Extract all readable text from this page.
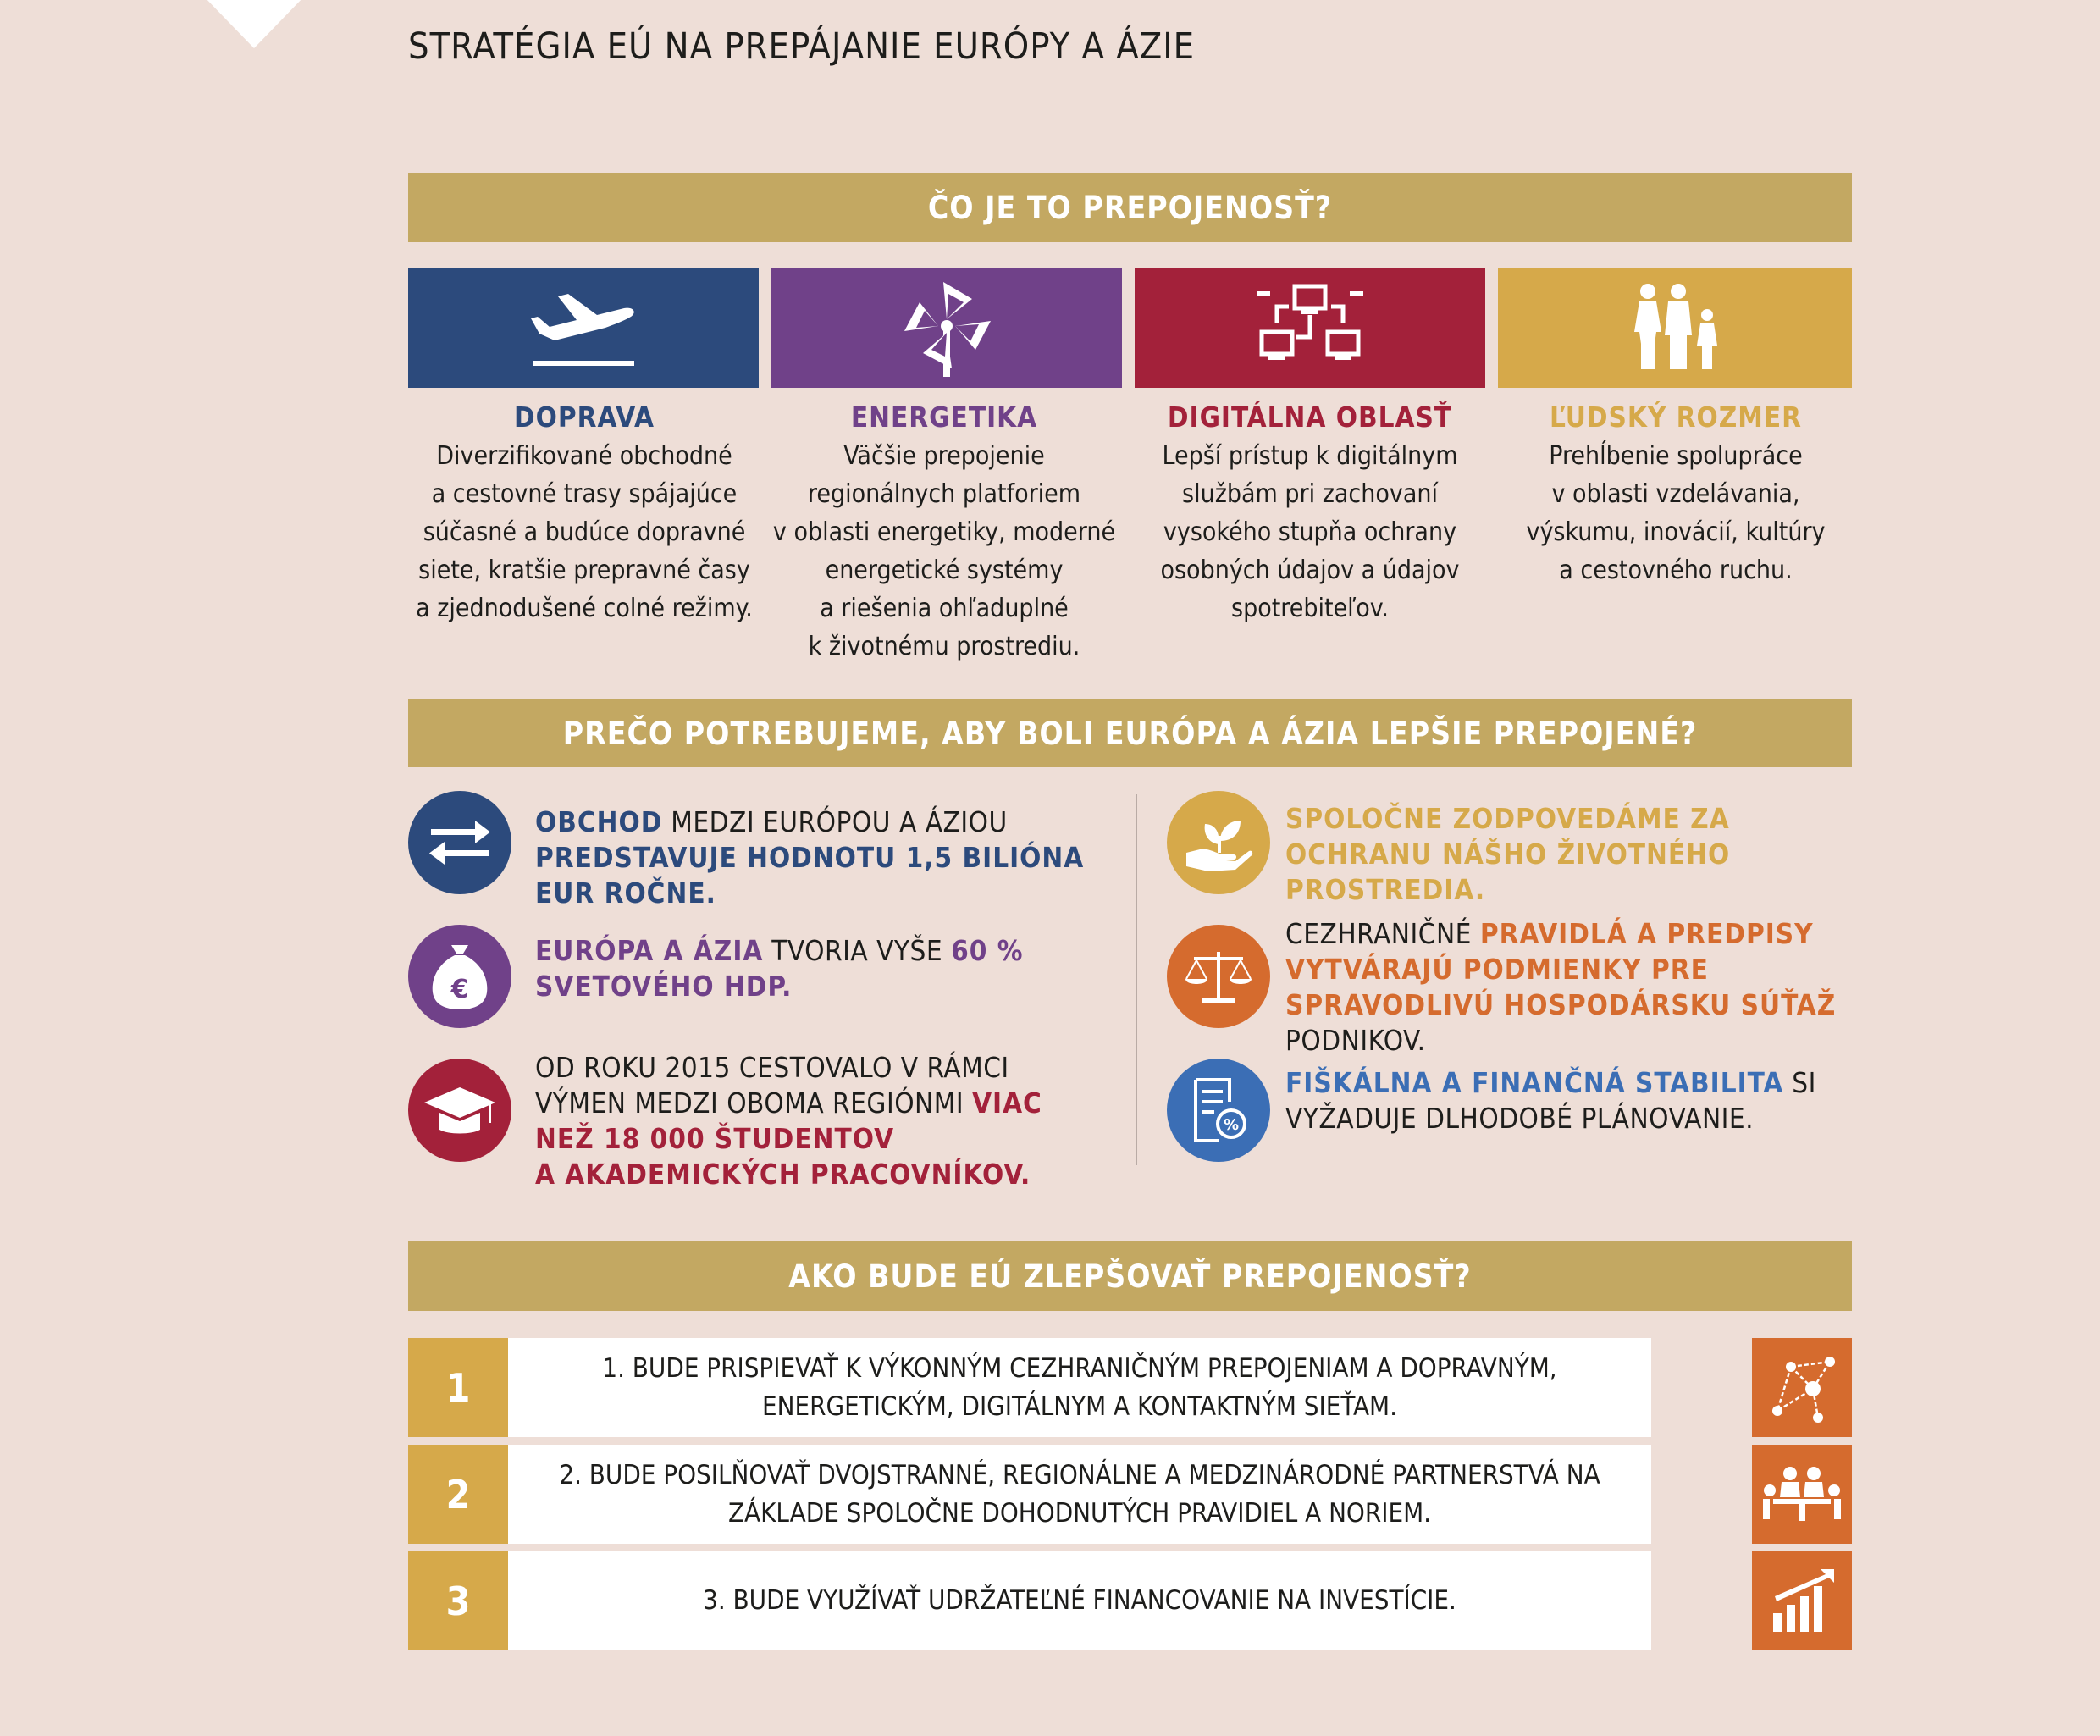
STRATÉGIA EÚ NA PREPÁJANIE EURÓPY A ÁZIE
ČO JE TO PREPOJENOSŤ?
DOPRAVA
Diverzifikované obchodné
a cestovné trasy spájajúce
súčasné a budúce dopravné
siete, kratšie prepravné časy
a zjednodušené colné režimy.
ENERGETIKA
Väčšie prepojenie
regionálnych platforiem
v oblasti energetiky, moderné
energetické systémy
a riešenia ohľaduplné
k životnému prostrediu.
DIGITÁLNA OBLASŤ
Lepší prístup k digitálnym
službám pri zachovaní
vysokého stupňa ochrany
osobných údajov a údajov
spotrebiteľov.
ĽUDSKÝ ROZMER
Prehĺbenie spolupráce
v oblasti vzdelávania,
výskumu, inovácií, kultúry
a cestovného ruchu.
PREČO POTREBUJEME, ABY BOLI EURÓPA A ÁZIA LEPŠIE PREPOJENÉ?
OBCHOD MEDZI EURÓPOU A ÁZIOU
PREDSTAVUJE HODNOTU 1,5 BILIÓNA
EUR ROČNE.
€
EURÓPA A ÁZIA TVORIA VYŠE 60 %
SVETOVÉHO HDP.
OD ROKU 2015 CESTOVALO V RÁMCI
VÝMEN MEDZI OBOMA REGIÓNMI VIAC
NEŽ 18 000 ŠTUDENTOV
A AKADEMICKÝCH PRACOVNÍKOV.
SPOLOČNE ZODPOVEDÁME ZA
OCHRANU NÁŠHO ŽIVOTNÉHO
PROSTREDIA.
CEZHRANIČNÉ PRAVIDLÁ A PREDPISY
VYTVÁRAJÚ PODMIENKY PRE
SPRAVODLIVÚ HOSPODÁRSKU SÚŤAŽ
PODNIKOV.
%
FIŠKÁLNA A FINANČNÁ STABILITA SI
VYŽADUJE DLHODOBÉ PLÁNOVANIE.
AKO BUDE EÚ ZLEPŠOVAŤ PREPOJENOSŤ?
1	1. BUDE PRISPIEVAŤ K VÝKONNÝM CEZHRANIČNÝM PREPOJENIAM A DOPRAVNÝM,
ENERGETICKÝM, DIGITÁLNYM A KONTAKTNÝM SIEŤAM.
2	2. BUDE POSILŇOVAŤ DVOJSTRANNÉ, REGIONÁLNE A MEDZINÁRODNÉ PARTNERSTVÁ NA
ZÁKLADE SPOLOČNE DOHODNUTÝCH PRAVIDIEL A NORIEM.
3	3. BUDE VYUŽÍVAŤ UDRŽATEĽNÉ FINANCOVANIE NA INVESTÍCIE.
